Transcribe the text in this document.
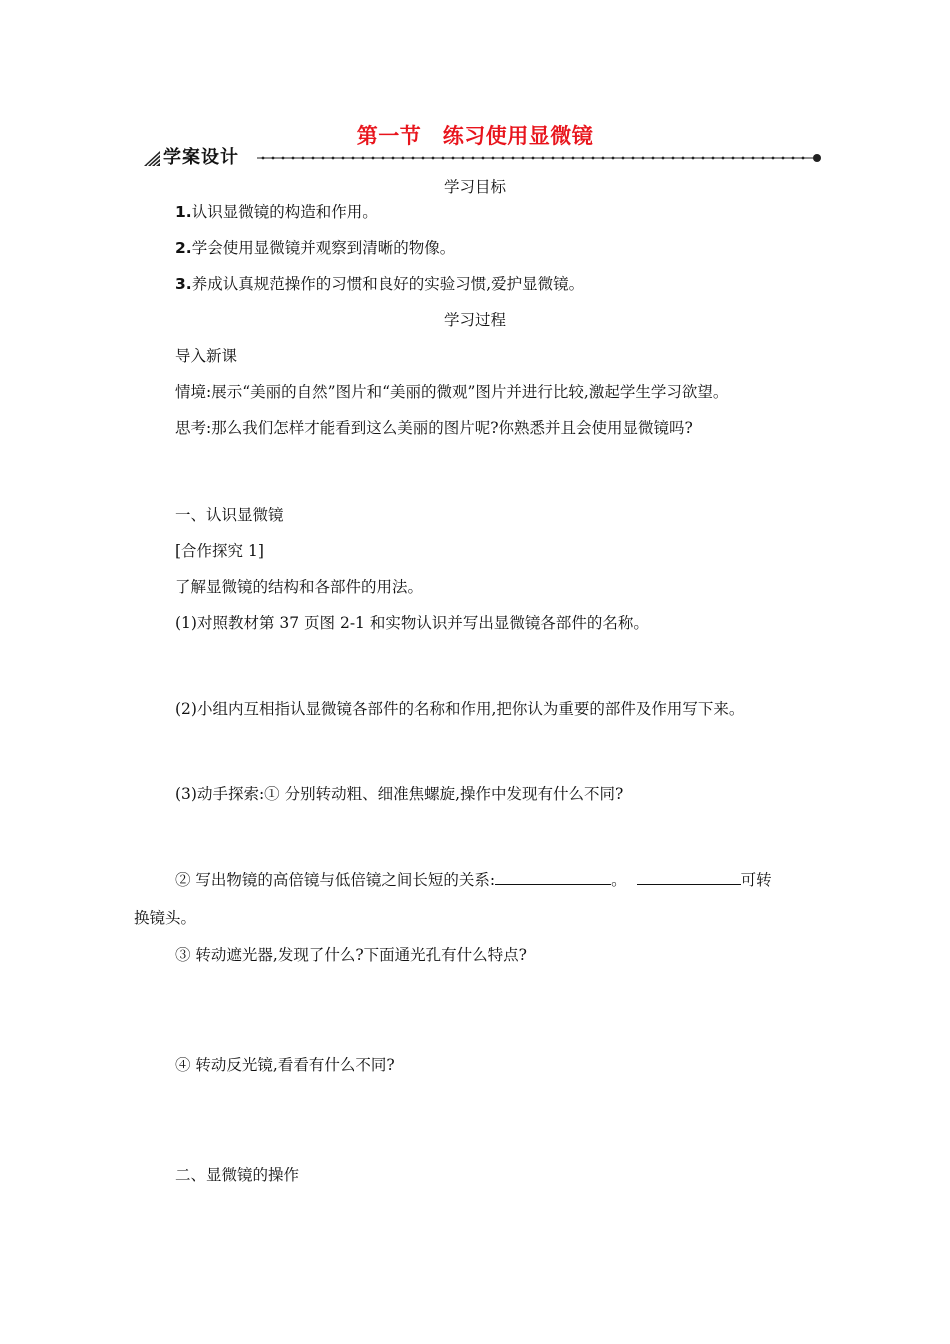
第一节　练习使用显微镜
学案设计
学习目标
1.认识显微镜的构造和作用。
2.学会使用显微镜并观察到清晰的物像。
3.养成认真规范操作的习惯和良好的实验习惯,爱护显微镜。
学习过程
导入新课
情境:展示“美丽的自然”图片和“美丽的微观”图片并进行比较,激起学生学习欲望。
思考:那么我们怎样才能看到这么美丽的图片呢?你熟悉并且会使用显微镜吗?
一、认识显微镜
[合作探究 1]
了解显微镜的结构和各部件的用法。
(1)对照教材第 37 页图 2-1 和实物认识并写出显微镜各部件的名称。
(2)小组内互相指认显微镜各部件的名称和作用,把你认为重要的部件及作用写下来。
(3)动手探索:① 分别转动粗、细准焦螺旋,操作中发现有什么不同?
② 写出物镜的高倍镜与低倍镜之间长短的关系:	。	可转
换镜头。
③ 转动遮光器,发现了什么?下面通光孔有什么特点?
④ 转动反光镜,看看有什么不同?
二、显微镜的操作
